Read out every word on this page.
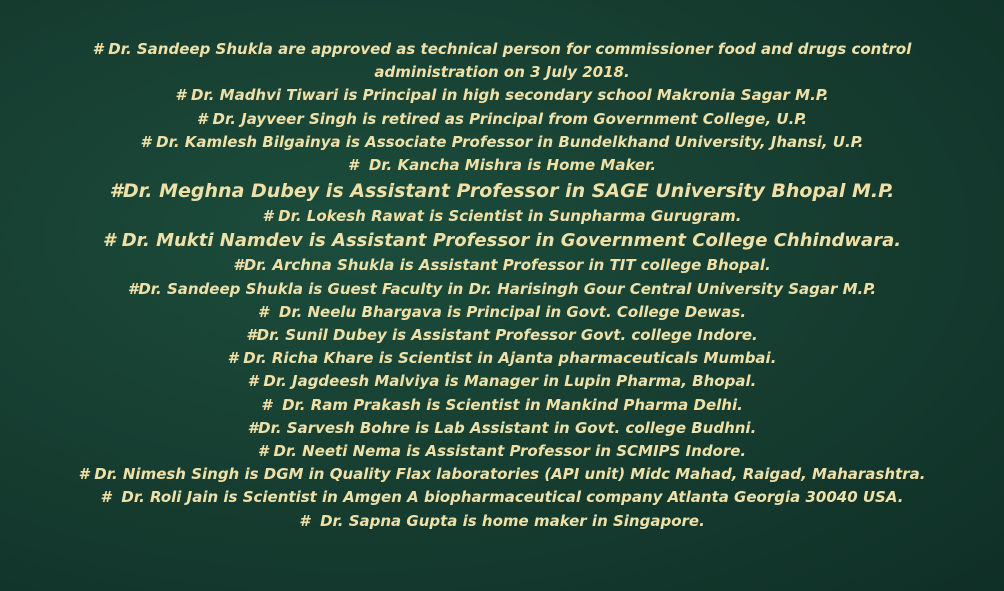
# Dr. Sandeep Shukla are approved as technical person for commissioner food and drugs control administration on 3 July 2018.
# Dr. Madhvi Tiwari is Principal in high secondary school Makronia Sagar M.P.
# Dr. Jayveer Singh is retired as Principal from Government College, U.P.
# Dr. Kamlesh Bilgainya is Associate Professor in Bundelkhand University, Jhansi, U.P.
#  Dr. Kancha Mishra is Home Maker.
#Dr. Meghna Dubey is Assistant Professor in SAGE University Bhopal M.P.
# Dr. Lokesh Rawat is Scientist in Sunpharma Gurugram.
# Dr. Mukti Namdev is Assistant Professor in Government College Chhindwara.
#Dr. Archna Shukla is Assistant Professor in TIT college Bhopal.
#Dr. Sandeep Shukla is Guest Faculty in Dr. Harisingh Gour Central University Sagar M.P.
#  Dr. Neelu Bhargava is Principal in Govt. College Dewas.
#Dr. Sunil Dubey is Assistant Professor Govt. college Indore.
# Dr. Richa Khare is Scientist in Ajanta pharmaceuticals Mumbai.
# Dr. Jagdeesh Malviya is Manager in Lupin Pharma, Bhopal.
#  Dr. Ram Prakash is Scientist in Mankind Pharma Delhi.
#Dr. Sarvesh Bohre is Lab Assistant in Govt. college Budhni.
# Dr. Neeti Nema is Assistant Professor in SCMIPS Indore.
# Dr. Nimesh Singh is DGM in Quality Flax laboratories (API unit) Midc Mahad, Raigad, Maharashtra.
#  Dr. Roli Jain is Scientist in Amgen A biopharmaceutical company Atlanta Georgia 30040 USA.
#  Dr. Sapna Gupta is home maker in Singapore.
